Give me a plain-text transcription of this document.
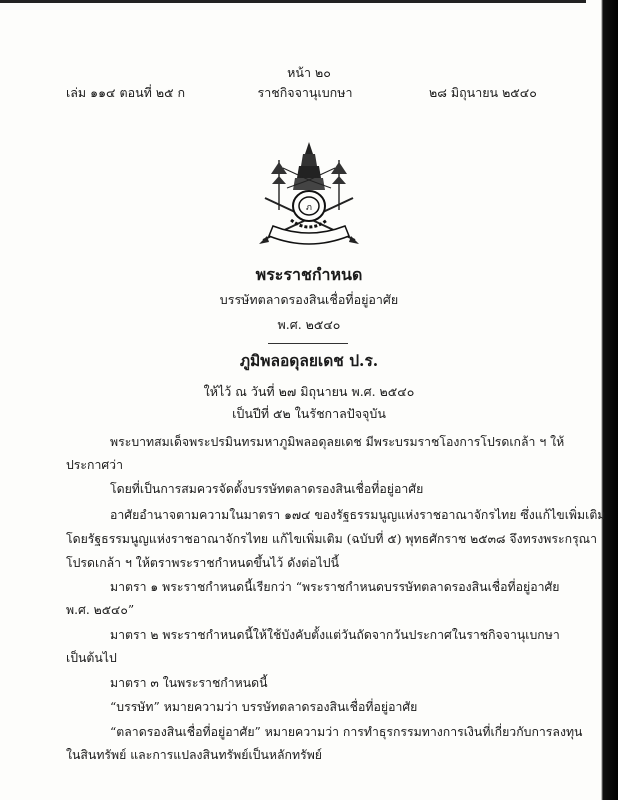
หน้า ๒๐
เล่ม ๑๑๔ ตอนที่ ๒๕ ก	ราชกิจจานุเบกษา	๒๘ มิถุนายน ๒๕๔๐
ภ
พระราชกำหนด
บรรษัทตลาดรองสินเชื่อที่อยู่อาศัย
พ.ศ. ๒๕๔๐
ภูมิพลอดุลยเดช ป.ร.
ให้ไว้ ณ วันที่ ๒๗ มิถุนายน พ.ศ. ๒๕๔๐
เป็นปีที่ ๕๒ ในรัชกาลปัจจุบัน
พระบาทสมเด็จพระปรมินทรมหาภูมิพลอดุลยเดช มีพระบรมราชโองการโปรดเกล้า ฯ ให้
ประกาศว่า
โดยที่เป็นการสมควรจัดตั้งบรรษัทตลาดรองสินเชื่อที่อยู่อาศัย
อาศัยอำนาจตามความในมาตรา ๑๗๔ ของรัฐธรรมนูญแห่งราชอาณาจักรไทย ซึ่งแก้ไขเพิ่มเติม
โดยรัฐธรรมนูญแห่งราชอาณาจักรไทย แก้ไขเพิ่มเติม (ฉบับที่ ๕) พุทธศักราช ๒๕๓๘ จึงทรงพระกรุณา
โปรดเกล้า ฯ ให้ตราพระราชกำหนดขึ้นไว้ ดังต่อไปนี้
มาตรา ๑ พระราชกำหนดนี้เรียกว่า “พระราชกำหนดบรรษัทตลาดรองสินเชื่อที่อยู่อาศัย
พ.ศ. ๒๕๔๐”
มาตรา ๒ พระราชกำหนดนี้ให้ใช้บังคับตั้งแต่วันถัดจากวันประกาศในราชกิจจานุเบกษา
เป็นต้นไป
มาตรา ๓ ในพระราชกำหนดนี้
“บรรษัท” หมายความว่า บรรษัทตลาดรองสินเชื่อที่อยู่อาศัย
“ตลาดรองสินเชื่อที่อยู่อาศัย” หมายความว่า การทำธุรกรรมทางการเงินที่เกี่ยวกับการลงทุน
ในสินทรัพย์ และการแปลงสินทรัพย์เป็นหลักทรัพย์
